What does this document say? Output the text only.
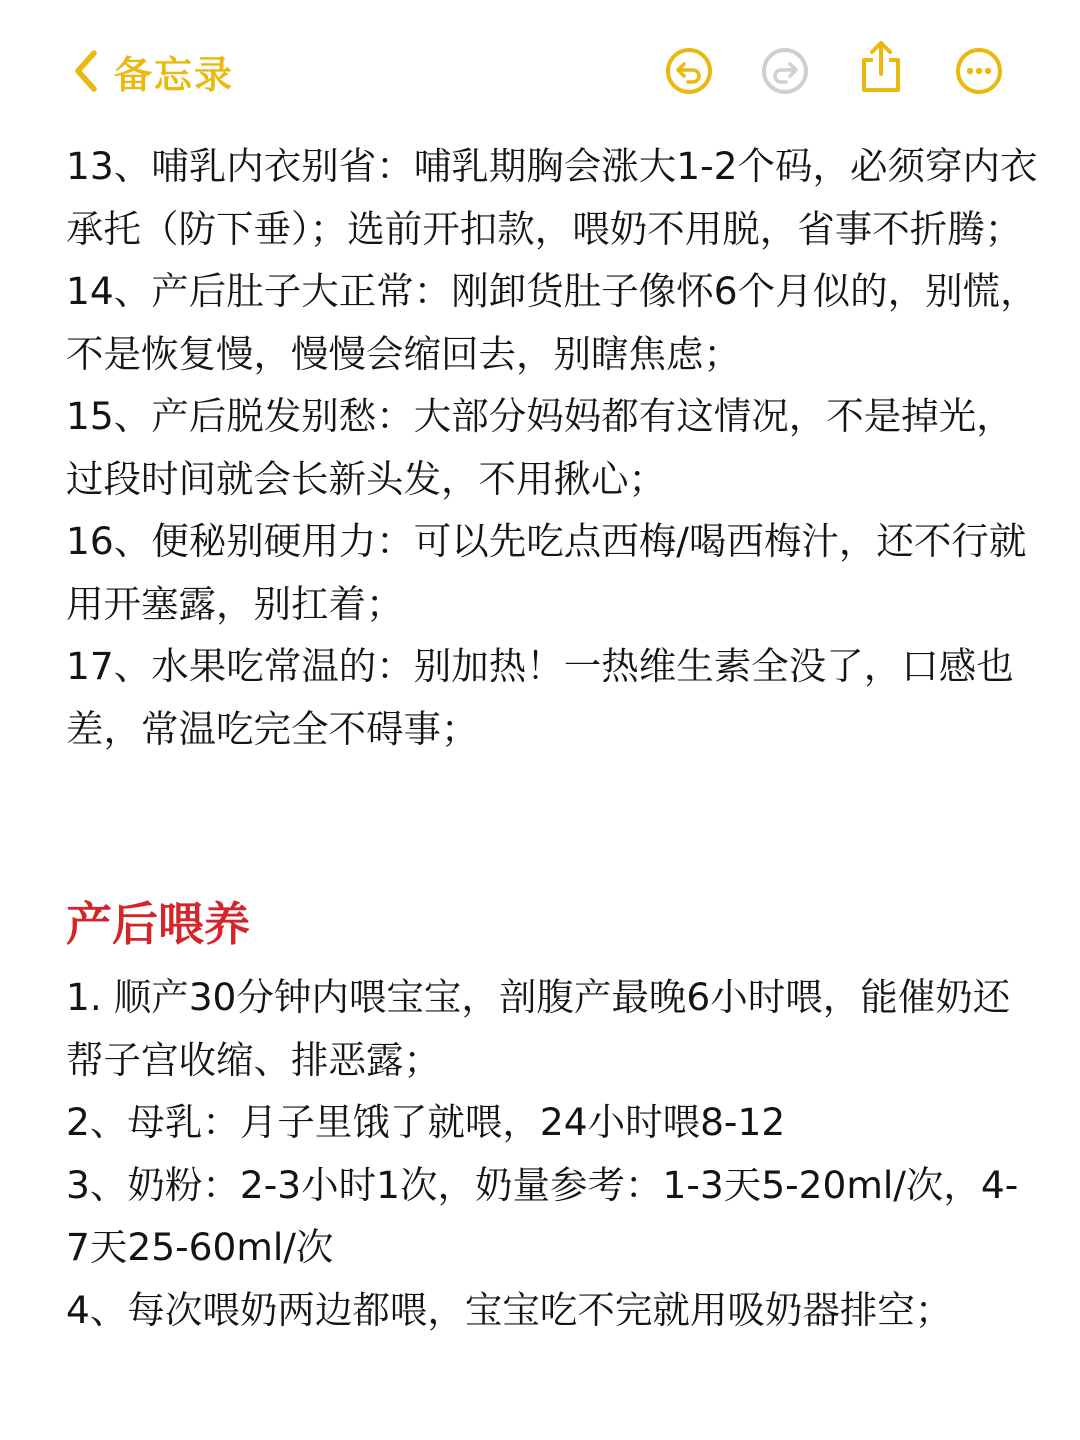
备忘录

13、哺乳内衣别省：哺乳期胸会涨大1-2个码，必须穿内衣承托（防下垂）；选前开扣款，喂奶不用脱，省事不折腾；

14、产后肚子大正常：刚卸货肚子像怀6个月似的，别慌，不是恢复慢，慢慢会缩回去，别瞎焦虑；

15、产后脱发别愁：大部分妈妈都有这情况，不是掉光，过段时间就会长新头发，不用揪心；

16、便秘别硬用力：可以先吃点西梅/喝西梅汁，还不行就用开塞露，别扛着；

17、水果吃常温的：别加热！一热维生素全没了，口感也差，常温吃完全不碍事；

产后喂养

1. 顺产30分钟内喂宝宝，剖腹产最晚6小时喂，能催奶还帮子宫收缩、排恶露；

2、母乳：月子里饿了就喂，24小时喂8-12

3、奶粉：2-3小时1次，奶量参考：1-3天5-20ml/次，4-7天25-60ml/次

4、每次喂奶两边都喂，宝宝吃不完就用吸奶器排空；
